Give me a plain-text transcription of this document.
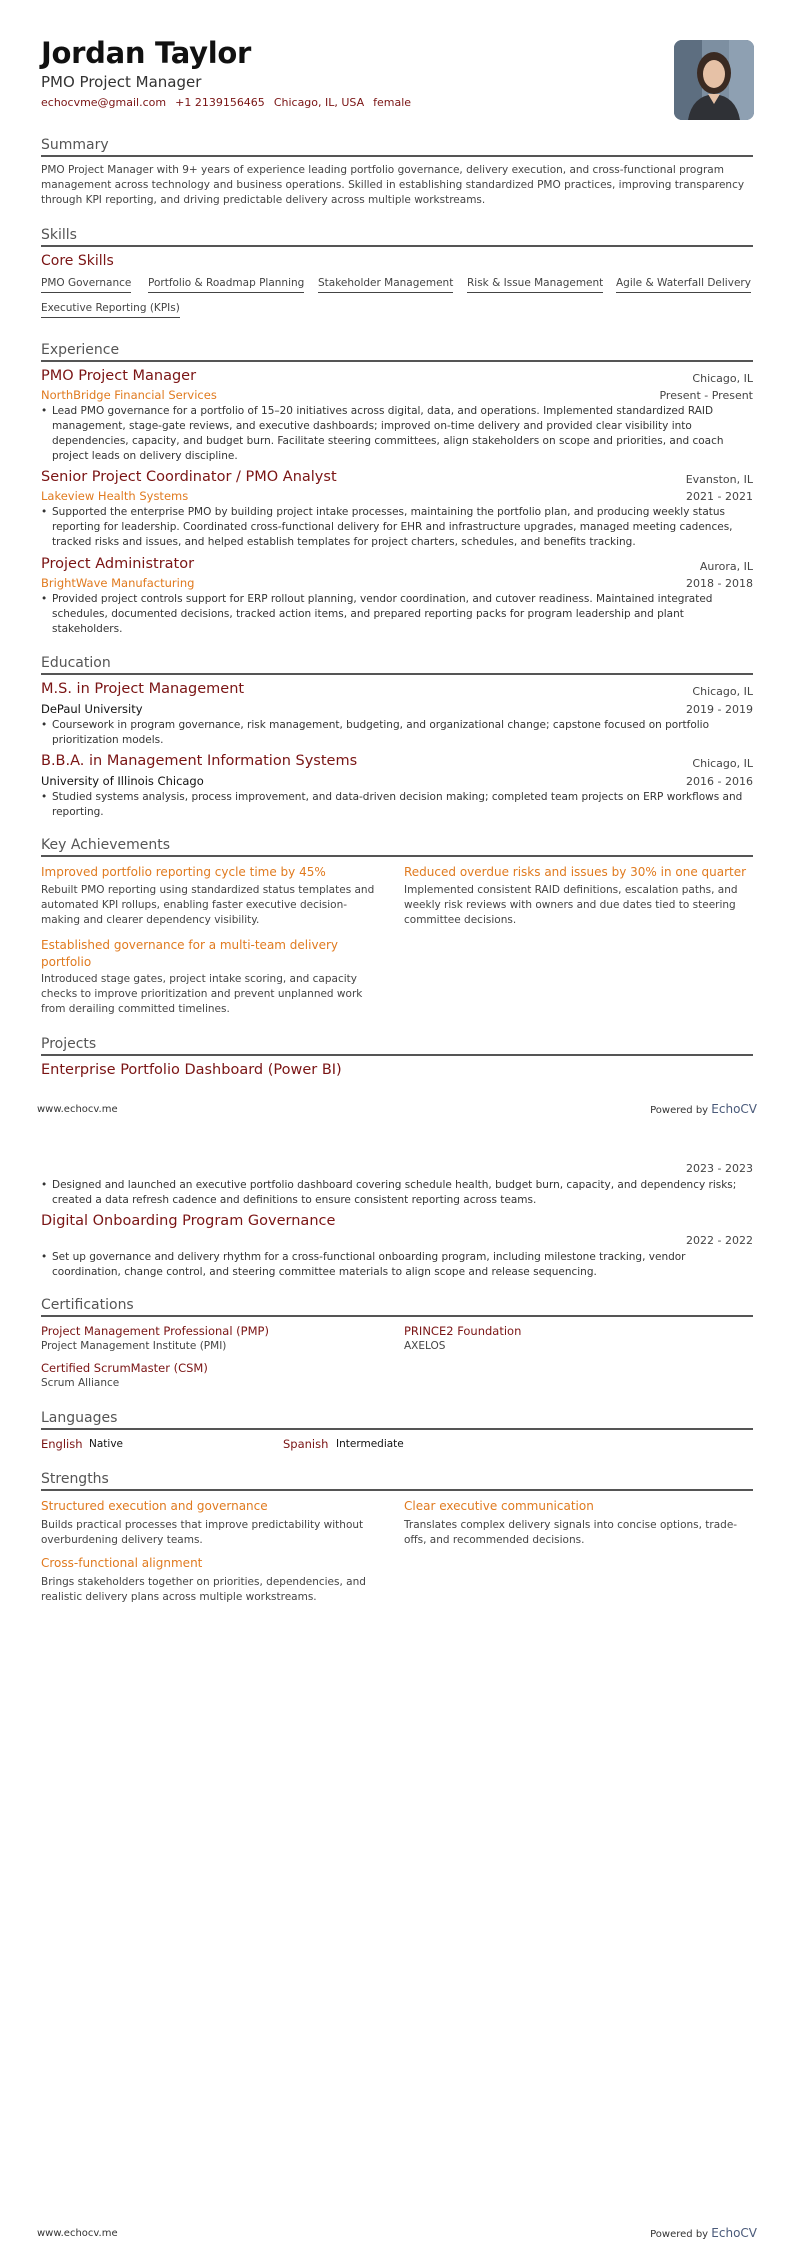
Jordan Taylor
PMO Project Manager
echocvme@gmail.com +1 2139156465 Chicago, IL, USA female
Summary
PMO Project Manager with 9+ years of experience leading portfolio governance, delivery execution, and cross-functional program management across technology and business operations. Skilled in establishing standardized PMO practices, improving transparency through KPI reporting, and driving predictable delivery across multiple workstreams.
Skills
Core Skills
PMO Governance Portfolio & Roadmap Planning Stakeholder Management Risk & Issue Management Agile & Waterfall Delivery
Executive Reporting (KPIs)
Experience
PMO Project Manager	Chicago, IL
NorthBridge Financial Services	Present - Present
• Lead PMO governance for a portfolio of 15–20 initiatives across digital, data, and operations. Implemented standardized RAID management, stage-gate reviews, and executive dashboards; improved on-time delivery and provided clear visibility into dependencies, capacity, and budget burn. Facilitate steering committees, align stakeholders on scope and priorities, and coach project leads on delivery discipline.
Senior Project Coordinator / PMO Analyst	Evanston, IL
Lakeview Health Systems	2021 - 2021
• Supported the enterprise PMO by building project intake processes, maintaining the portfolio plan, and producing weekly status reporting for leadership. Coordinated cross-functional delivery for EHR and infrastructure upgrades, managed meeting cadences, tracked risks and issues, and helped establish templates for project charters, schedules, and benefits tracking.
Project Administrator	Aurora, IL
BrightWave Manufacturing	2018 - 2018
• Provided project controls support for ERP rollout planning, vendor coordination, and cutover readiness. Maintained integrated schedules, documented decisions, tracked action items, and prepared reporting packs for program leadership and plant stakeholders.
Education
M.S. in Project Management	Chicago, IL
DePaul University	2019 - 2019
• Coursework in program governance, risk management, budgeting, and organizational change; capstone focused on portfolio prioritization models.
B.B.A. in Management Information Systems	Chicago, IL
University of Illinois Chicago	2016 - 2016
• Studied systems analysis, process improvement, and data-driven decision making; completed team projects on ERP workflows and reporting.
Key Achievements
Improved portfolio reporting cycle time by 45%
Rebuilt PMO reporting using standardized status templates and automated KPI rollups, enabling faster executive decision-making and clearer dependency visibility.
Reduced overdue risks and issues by 30% in one quarter
Implemented consistent RAID definitions, escalation paths, and weekly risk reviews with owners and due dates tied to steering committee decisions.
Established governance for a multi-team delivery portfolio
Introduced stage gates, project intake scoring, and capacity checks to improve prioritization and prevent unplanned work from derailing committed timelines.
Projects
Enterprise Portfolio Dashboard (Power BI)
www.echocv.me	Powered by EchoCV
2023 - 2023
• Designed and launched an executive portfolio dashboard covering schedule health, budget burn, capacity, and dependency risks; created a data refresh cadence and definitions to ensure consistent reporting across teams.
Digital Onboarding Program Governance
2022 - 2022
• Set up governance and delivery rhythm for a cross-functional onboarding program, including milestone tracking, vendor coordination, change control, and steering committee materials to align scope and release sequencing.
Certifications
Project Management Professional (PMP)
Project Management Institute (PMI)
PRINCE2 Foundation
AXELOS
Certified ScrumMaster (CSM)
Scrum Alliance
Languages
English Native	Spanish Intermediate
Strengths
Structured execution and governance
Builds practical processes that improve predictability without overburdening delivery teams.
Clear executive communication
Translates complex delivery signals into concise options, trade-offs, and recommended decisions.
Cross-functional alignment
Brings stakeholders together on priorities, dependencies, and realistic delivery plans across multiple workstreams.
www.echocv.me	Powered by EchoCV
